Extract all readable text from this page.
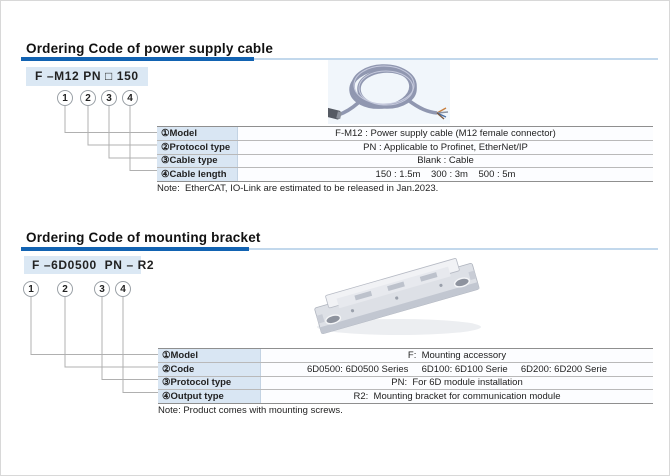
Ordering Code of power supply cable
F –M12 PN □ 150
1	2	3	4
①Model	F-M12 : Power supply cable (M12 female connector)
②Protocol type	PN : Applicable to Profinet, EtherNet/IP
③Cable type	Blank : Cable
④Cable length	150 : 1.5m    300 : 3m    500 : 5m
Note:  EtherCAT, IO-Link are estimated to be released in Jan.2023.
Ordering Code of mounting bracket
F –6D0500  PN – R2
1	2	3	4
①Model	F:  Mounting accessory
②Code	6D0500: 6D0500 Series     6D100: 6D100 Serie     6D200: 6D200 Serie
③Protocol type	PN:  For 6D module installation
④Output type	R2:  Mounting bracket for communication module
Note: Product comes with mounting screws.
